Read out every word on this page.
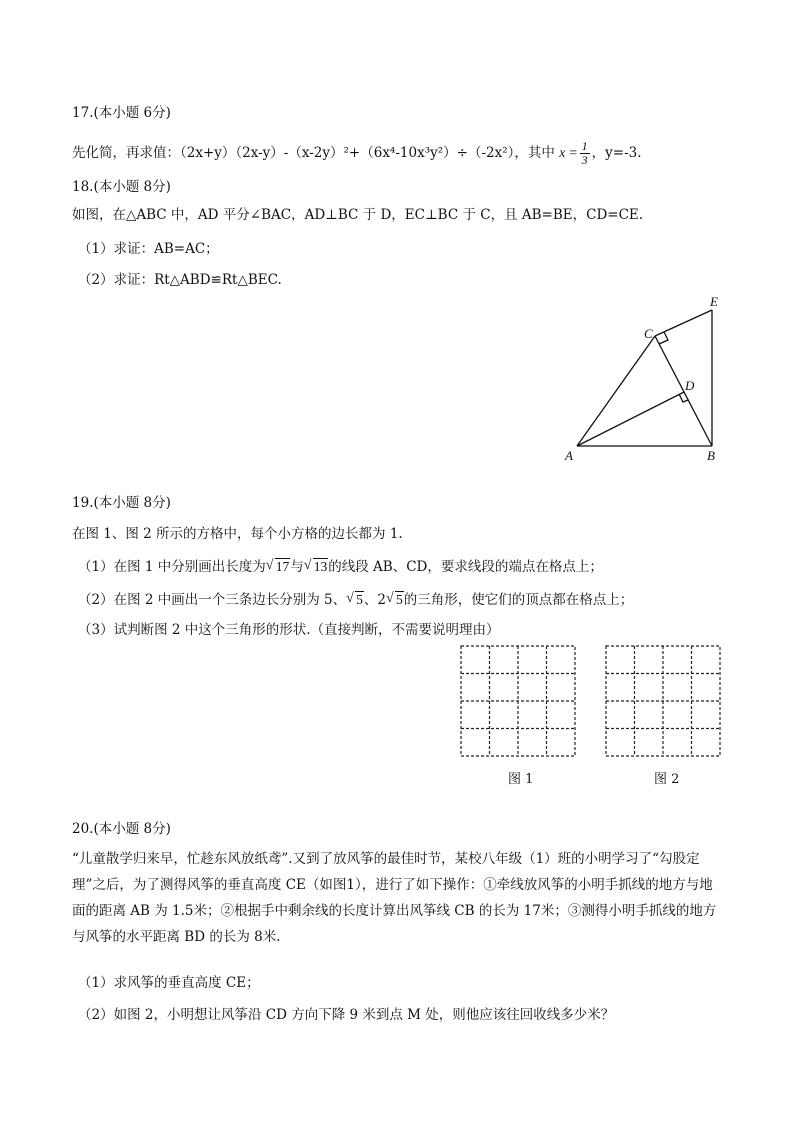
17.(本小题 6分)
先化简，再求值：（2x+y）（2x-y）-（x-2y）²+（6x⁴-10x³y²）÷（-2x²），其中 $x = \frac{1}{3}$ ，y=-3.
18.(本小题 8分)
如图，在△ABC 中，AD 平分∠BAC，AD⊥BC 于 D，EC⊥BC 于 C，且 AB=BE，CD=CE.
（1）求证：AB=AC；
（2）求证：Rt△ABD≌Rt△BEC.
A	B
C
D
E
19.(本小题 8分)
在图 1、图 2 所示的方格中，每个小方格的边长都为 1.
（1）在图 1 中分别画出长度为 √ 17与 √ 13的线段 AB、CD，要求线段的端点在格点上；
（2）在图 2 中画出一个三条边长分别为 5、 √ 5、2 √ 5的三角形，使它们的顶点都在格点上；
（3）试判断图 2 中这个三角形的形状.（直接判断，不需要说明理由）
图 1	图 2
20.(本小题 8分)
“儿童散学归来早，忙趁东风放纸鸢”.又到了放风筝的最佳时节，某校八年级（1）班的小明学习了“勾股定理”之后，为了测得风筝的垂直高度 CE（如图1），进行了如下操作：①牵线放风筝的小明手抓线的地方与地面的距离 AB 为 1.5米；②根据手中剩余线的长度计算出风筝线 CB 的长为 17米；③测得小明手抓线的地方与风筝的水平距离 BD 的长为 8米.
（1）求风筝的垂直高度 CE；
（2）如图 2，小明想让风筝沿 CD 方向下降 9 米到点 M 处，则他应该往回收线多少米？
